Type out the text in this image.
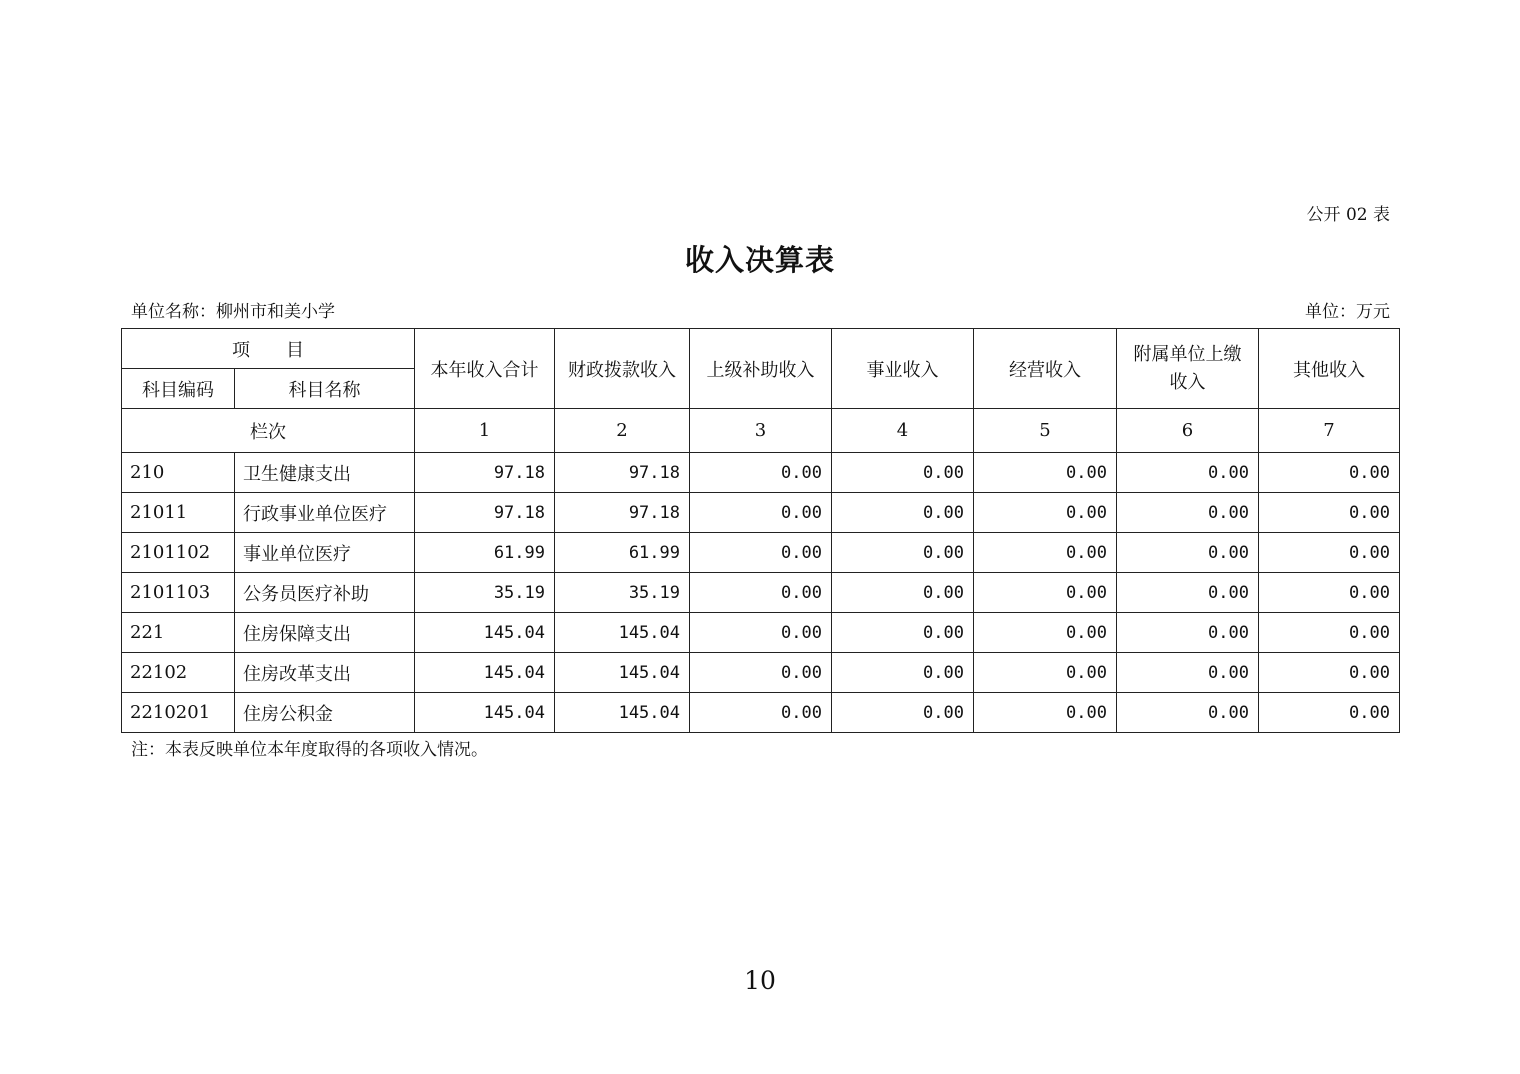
公开 02 表
收入决算表
单位名称：柳州市和美小学	单位：万元
项　　目		本年收入合计	财政拨款收入	上级补助收入	事业收入	经营收入	附属单位上缴收入	其他收入
科目编码	科目名称							
栏次		1	2	3	4	5	6	7
210	卫生健康支出	97.18	97.18	0.00	0.00	0.00	0.00	0.00
21011	行政事业单位医疗	97.18	97.18	0.00	0.00	0.00	0.00	0.00
2101102	事业单位医疗	61.99	61.99	0.00	0.00	0.00	0.00	0.00
2101103	公务员医疗补助	35.19	35.19	0.00	0.00	0.00	0.00	0.00
221	住房保障支出	145.04	145.04	0.00	0.00	0.00	0.00	0.00
22102	住房改革支出	145.04	145.04	0.00	0.00	0.00	0.00	0.00
2210201	住房公积金	145.04	145.04	0.00	0.00	0.00	0.00	0.00
注：本表反映单位本年度取得的各项收入情况。
10
